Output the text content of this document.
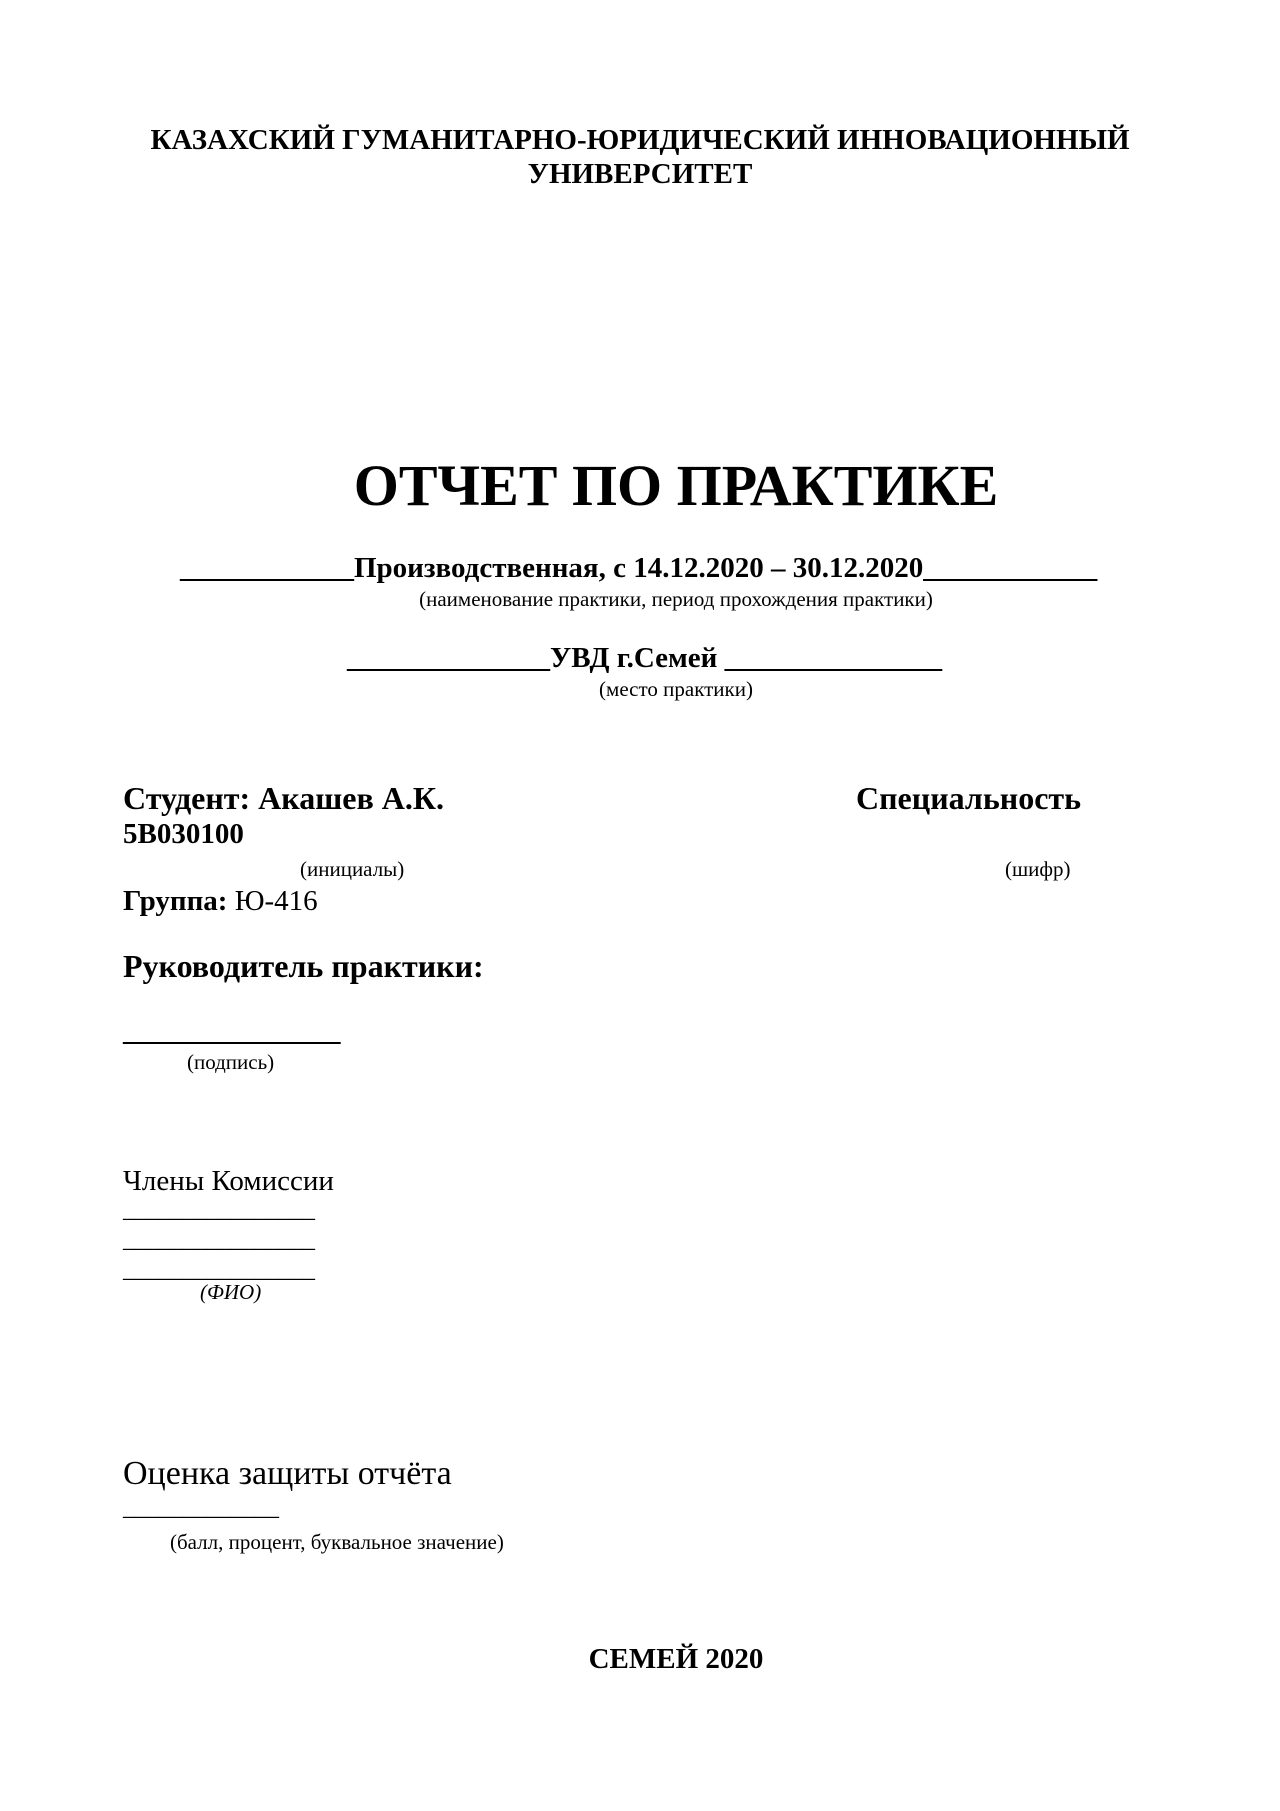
КАЗАХСКИЙ ГУМАНИТАРНО-ЮРИДИЧЕСКИЙ ИННОВАЦИОННЫЙ
УНИВЕРСИТЕТ
ОТЧЕТ ПО ПРАКТИКЕ
____________Производственная, с 14.12.2020 – 30.12.2020____________
(наименование практики, период прохождения практики)
______________УВД г.Семей _______________
(место практики)
Студент: Акашев А.К.	Специальность
5В030100
(инициалы)	(шифр)
Группа: Ю-416
Руководитель практики:
_______________
(подпись)
Члены Комиссии
________________
________________
________________
(ФИО)
Оценка защиты отчёта
_____________
(балл, процент, буквальное значение)
СЕМЕЙ 2020
